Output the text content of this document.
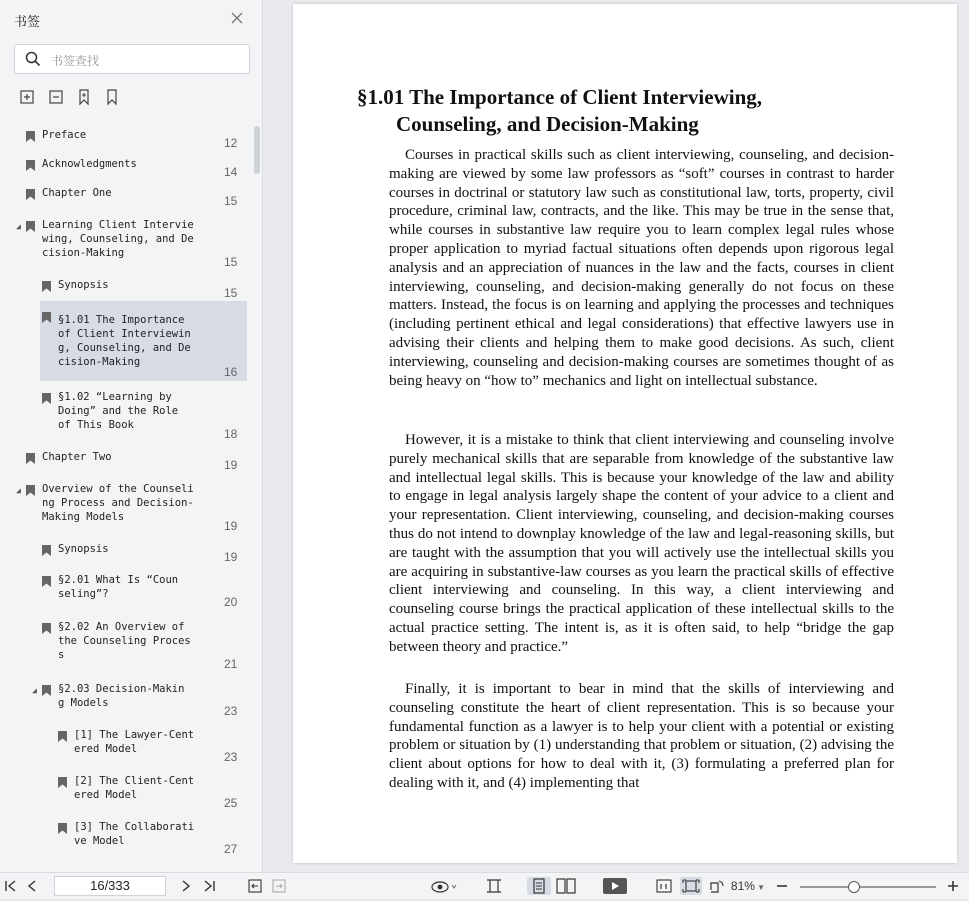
书签
书签查找
Preface
12
Acknowledgments
14
Chapter One
15
◢ Learning Client Intervie
wing, Counseling, and De
cision-Making
15
Synopsis
15
§1.01 The Importance
of Client Interviewin
g, Counseling, and De
cision-Making
16
§1.02 “Learning by
Doing” and the Role
of This Book
18
Chapter Two
19
◢ Overview of the Counseli
ng Process and Decision-
Making Models
19
Synopsis
19
§2.01 What Is “Coun
seling”?
20
§2.02 An Overview of
the Counseling Proces
s
21
◢ §2.03 Decision-Makin
g Models
23
[1] The Lawyer-Cent
ered Model
23
[2] The Client-Cent
ered Model
25
[3] The Collaborati
ve Model
27
§1.01 The Importance of Client Interviewing,
Counseling, and Decision-Making

Courses in practical skills such as client interviewing, counseling, and decision-making are viewed by some law professors as “soft” courses in contrast to harder courses in doctrinal or statutory law such as constitutional law, torts, property, civil procedure, criminal law, contracts, and the like. This may be true in the sense that, while courses in substantive law require you to learn complex legal rules whose proper application to myriad factual situations often depends upon rigorous legal analysis and an appreciation of nuances in the law and the facts, courses in client interviewing, counseling, and decision-making generally do not focus on these matters. Instead, the focus is on learning and applying the processes and techniques (including pertinent ethical and legal considerations) that effective lawyers use in advising their clients and helping them to make good decisions. As such, client interviewing, counseling and decision-making courses are sometimes thought of as being heavy on “how to” mechanics and light on intellectual substance.

However, it is a mistake to think that client interviewing and counseling involve purely mechanical skills that are separable from knowledge of the substantive law and intellectual legal skills. This is because your knowledge of the law and ability to engage in legal analysis largely shape the content of your advice to a client and your representation. Client interviewing, counseling, and decision-making courses thus do not intend to downplay knowledge of the law and legal-reasoning skills, but are taught with the assumption that you will actively use the intellectual skills you are acquiring in substantive-law courses as you learn the practical skills of effective client interviewing and counseling. In this way, a client interviewing and counseling course brings the practical application of these intellectual skills to the actual practice setting. The intent is, as it is often said, to help “bridge the gap between theory and practice.”

Finally, it is important to bear in mind that the skills of interviewing and counseling constitute the heart of client representation. This is so because your fundamental function as a lawyer is to help your client with a potential or existing problem or situation by (1) understanding that problem or situation, (2) advising the client about options for how to deal with it, (3) formulating a preferred plan for dealing with it, and (4) implementing that

16/333	81% ▼
